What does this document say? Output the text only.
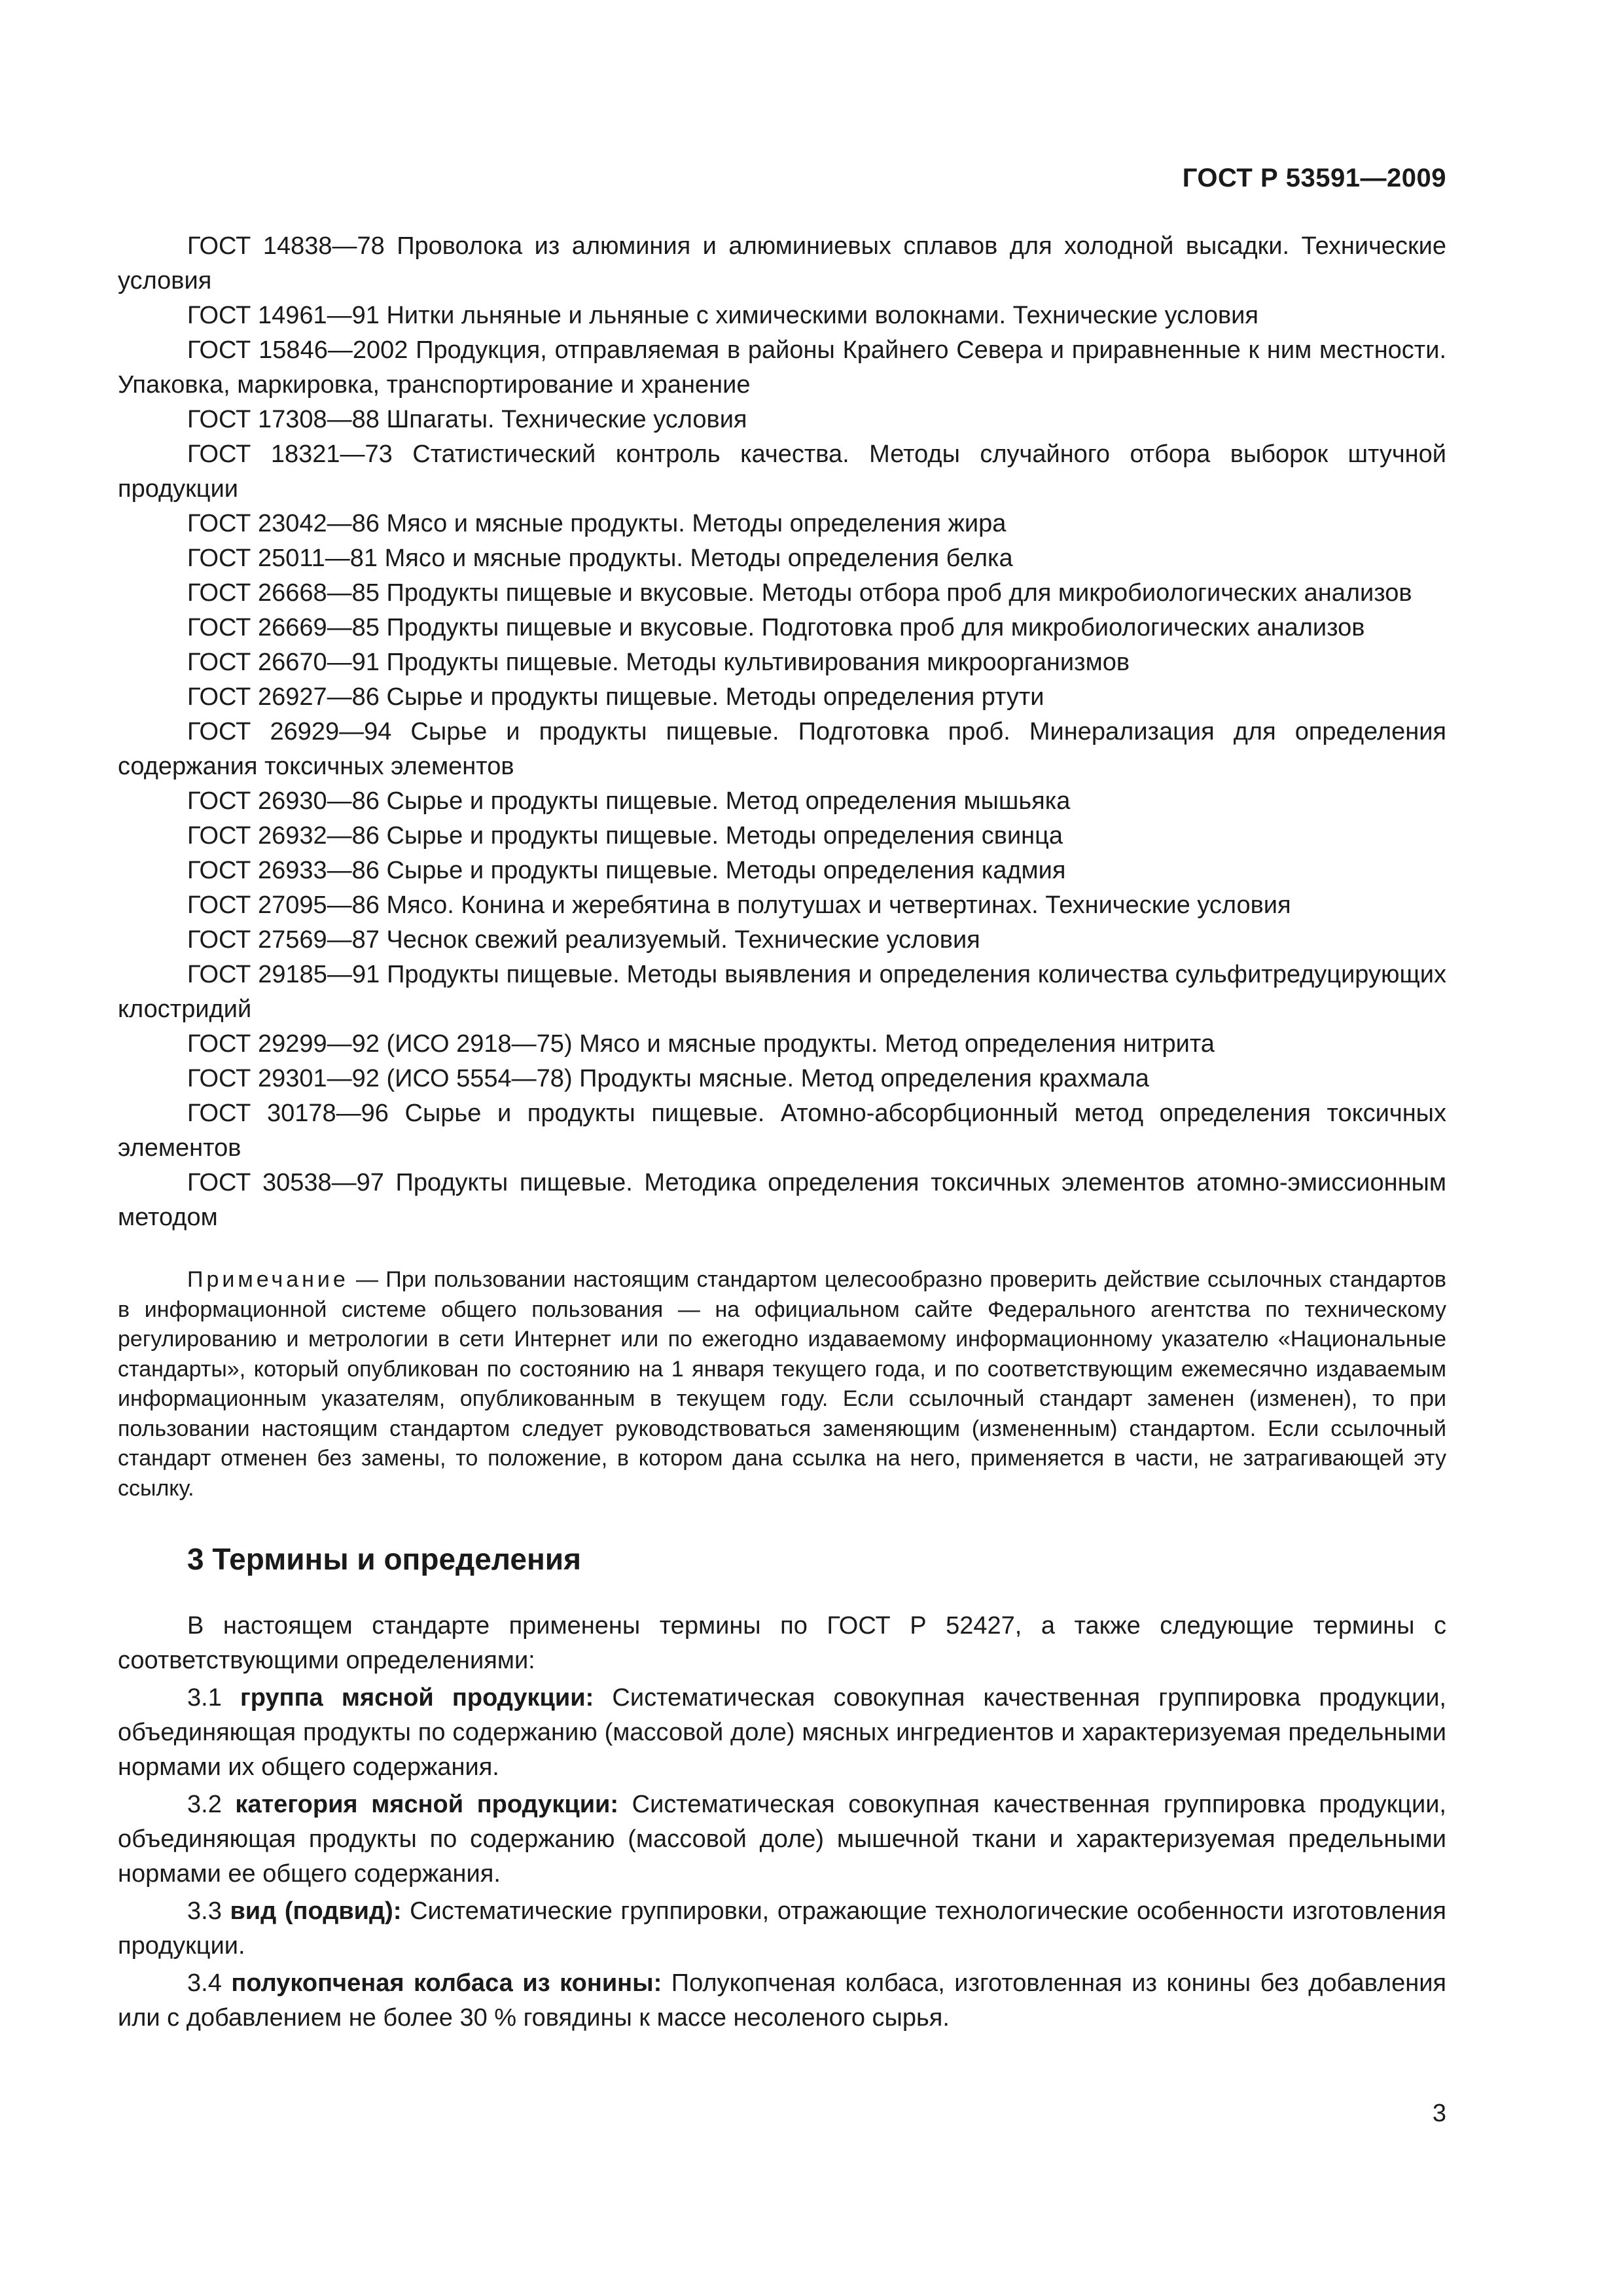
ГОСТ Р 53591—2009

ГОСТ 14838—78 Проволока из алюминия и алюминиевых сплавов для холодной высадки. Технические условия

ГОСТ 14961—91 Нитки льняные и льняные с химическими волокнами. Технические условия

ГОСТ 15846—2002 Продукция, отправляемая в районы Крайнего Севера и приравненные к ним местности. Упаковка, маркировка, транспортирование и хранение

ГОСТ 17308—88 Шпагаты. Технические условия

ГОСТ 18321—73 Статистический контроль качества. Методы случайного отбора выборок штучной продукции

ГОСТ 23042—86 Мясо и мясные продукты. Методы определения жира

ГОСТ 25011—81 Мясо и мясные продукты. Методы определения белка

ГОСТ 26668—85 Продукты пищевые и вкусовые. Методы отбора проб для микробиологических анализов

ГОСТ 26669—85 Продукты пищевые и вкусовые. Подготовка проб для микробиологических анализов

ГОСТ 26670—91 Продукты пищевые. Методы культивирования микроорганизмов

ГОСТ 26927—86 Сырье и продукты пищевые. Методы определения ртути

ГОСТ 26929—94 Сырье и продукты пищевые. Подготовка проб. Минерализация для определения содержания токсичных элементов

ГОСТ 26930—86 Сырье и продукты пищевые. Метод определения мышьяка

ГОСТ 26932—86 Сырье и продукты пищевые. Методы определения свинца

ГОСТ 26933—86 Сырье и продукты пищевые. Методы определения кадмия

ГОСТ 27095—86 Мясо. Конина и жеребятина в полутушах и четвертинах. Технические условия

ГОСТ 27569—87 Чеснок свежий реализуемый. Технические условия

ГОСТ 29185—91 Продукты пищевые. Методы выявления и определения количества сульфитредуцирующих клостридий

ГОСТ 29299—92 (ИСО 2918—75) Мясо и мясные продукты. Метод определения нитрита

ГОСТ 29301—92 (ИСО 5554—78) Продукты мясные. Метод определения крахмала

ГОСТ 30178—96 Сырье и продукты пищевые. Атомно-абсорбционный метод определения токсичных элементов

ГОСТ 30538—97 Продукты пищевые. Методика определения токсичных элементов атомно-эмиссионным методом

Примечание — При пользовании настоящим стандартом целесообразно проверить действие ссылочных стандартов в информационной системе общего пользования — на официальном сайте Федерального агентства по техническому регулированию и метрологии в сети Интернет или по ежегодно издаваемому информационному указателю «Национальные стандарты», который опубликован по состоянию на 1 января текущего года, и по соответствующим ежемесячно издаваемым информационным указателям, опубликованным в текущем году. Если ссылочный стандарт заменен (изменен), то при пользовании настоящим стандартом следует руководствоваться заменяющим (измененным) стандартом. Если ссылочный стандарт отменен без замены, то положение, в котором дана ссылка на него, применяется в части, не затрагивающей эту ссылку.

3 Термины и определения

В настоящем стандарте применены термины по ГОСТ Р 52427, а также следующие термины с соответствующими определениями:

3.1 группа мясной продукции: Систематическая совокупная качественная группировка продукции, объединяющая продукты по содержанию (массовой доле) мясных ингредиентов и характеризуемая предельными нормами их общего содержания.

3.2 категория мясной продукции: Систематическая совокупная качественная группировка продукции, объединяющая продукты по содержанию (массовой доле) мышечной ткани и характеризуемая предельными нормами ее общего содержания.

3.3 вид (подвид): Систематические группировки, отражающие технологические особенности изготовления продукции.

3.4 полукопченая колбаса из конины: Полукопченая колбаса, изготовленная из конины без добавления или с добавлением не более 30 % говядины к массе несоленого сырья.

3
